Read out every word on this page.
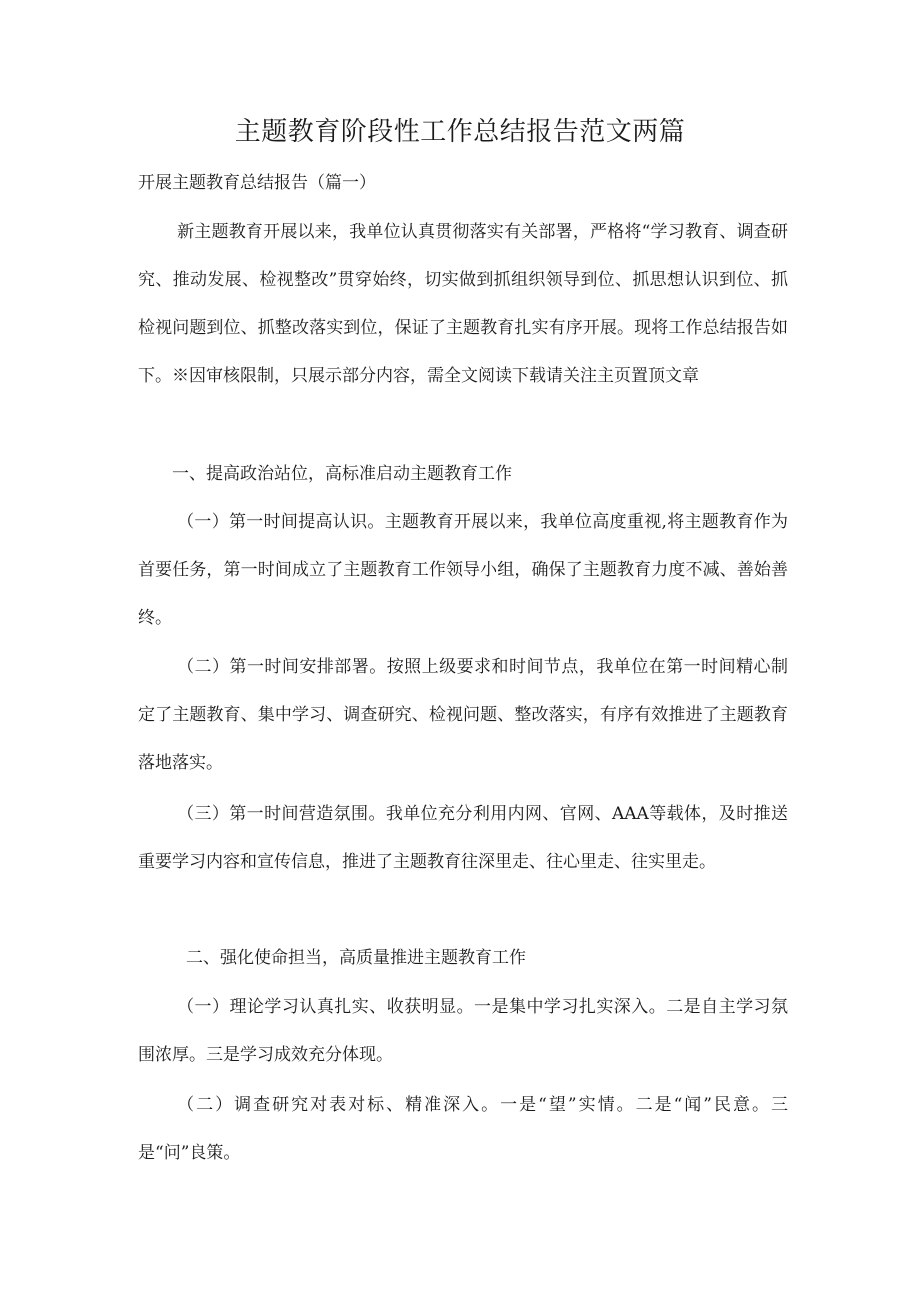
主题教育阶段性工作总结报告范文两篇
开展主题教育总结报告（篇一）

新主题教育开展以来，我单位认真贯彻落实有关部署，严格将“学习教育、调查研究、推动发展、检视整改”贯穿始终，切实做到抓组织领导到位、抓思想认识到位、抓检视问题到位、抓整改落实到位，保证了主题教育扎实有序开展。现将工作总结报告如下。※因审核限制，只展示部分内容，需全文阅读下载请关注主页置顶文章

一、提高政治站位，高标准启动主题教育工作

（一）第一时间提高认识。主题教育开展以来，我单位高度重视,将主题教育作为首要任务，第一时间成立了主题教育工作领导小组，确保了主题教育力度不减、善始善终。

（二）第一时间安排部署。按照上级要求和时间节点，我单位在第一时间精心制定了主题教育、集中学习、调查研究、检视问题、整改落实，有序有效推进了主题教育落地落实。

（三）第一时间营造氛围。我单位充分利用内网、官网、AAA等载体，及时推送重要学习内容和宣传信息，推进了主题教育往深里走、往心里走、往实里走。

二、强化使命担当，高质量推进主题教育工作

（一）理论学习认真扎实、收获明显。一是集中学习扎实深入。二是自主学习氛围浓厚。三是学习成效充分体现。

（二）调查研究对表对标、精准深入。一是“望”实情。二是“闻”民意。三是“问”良策。
